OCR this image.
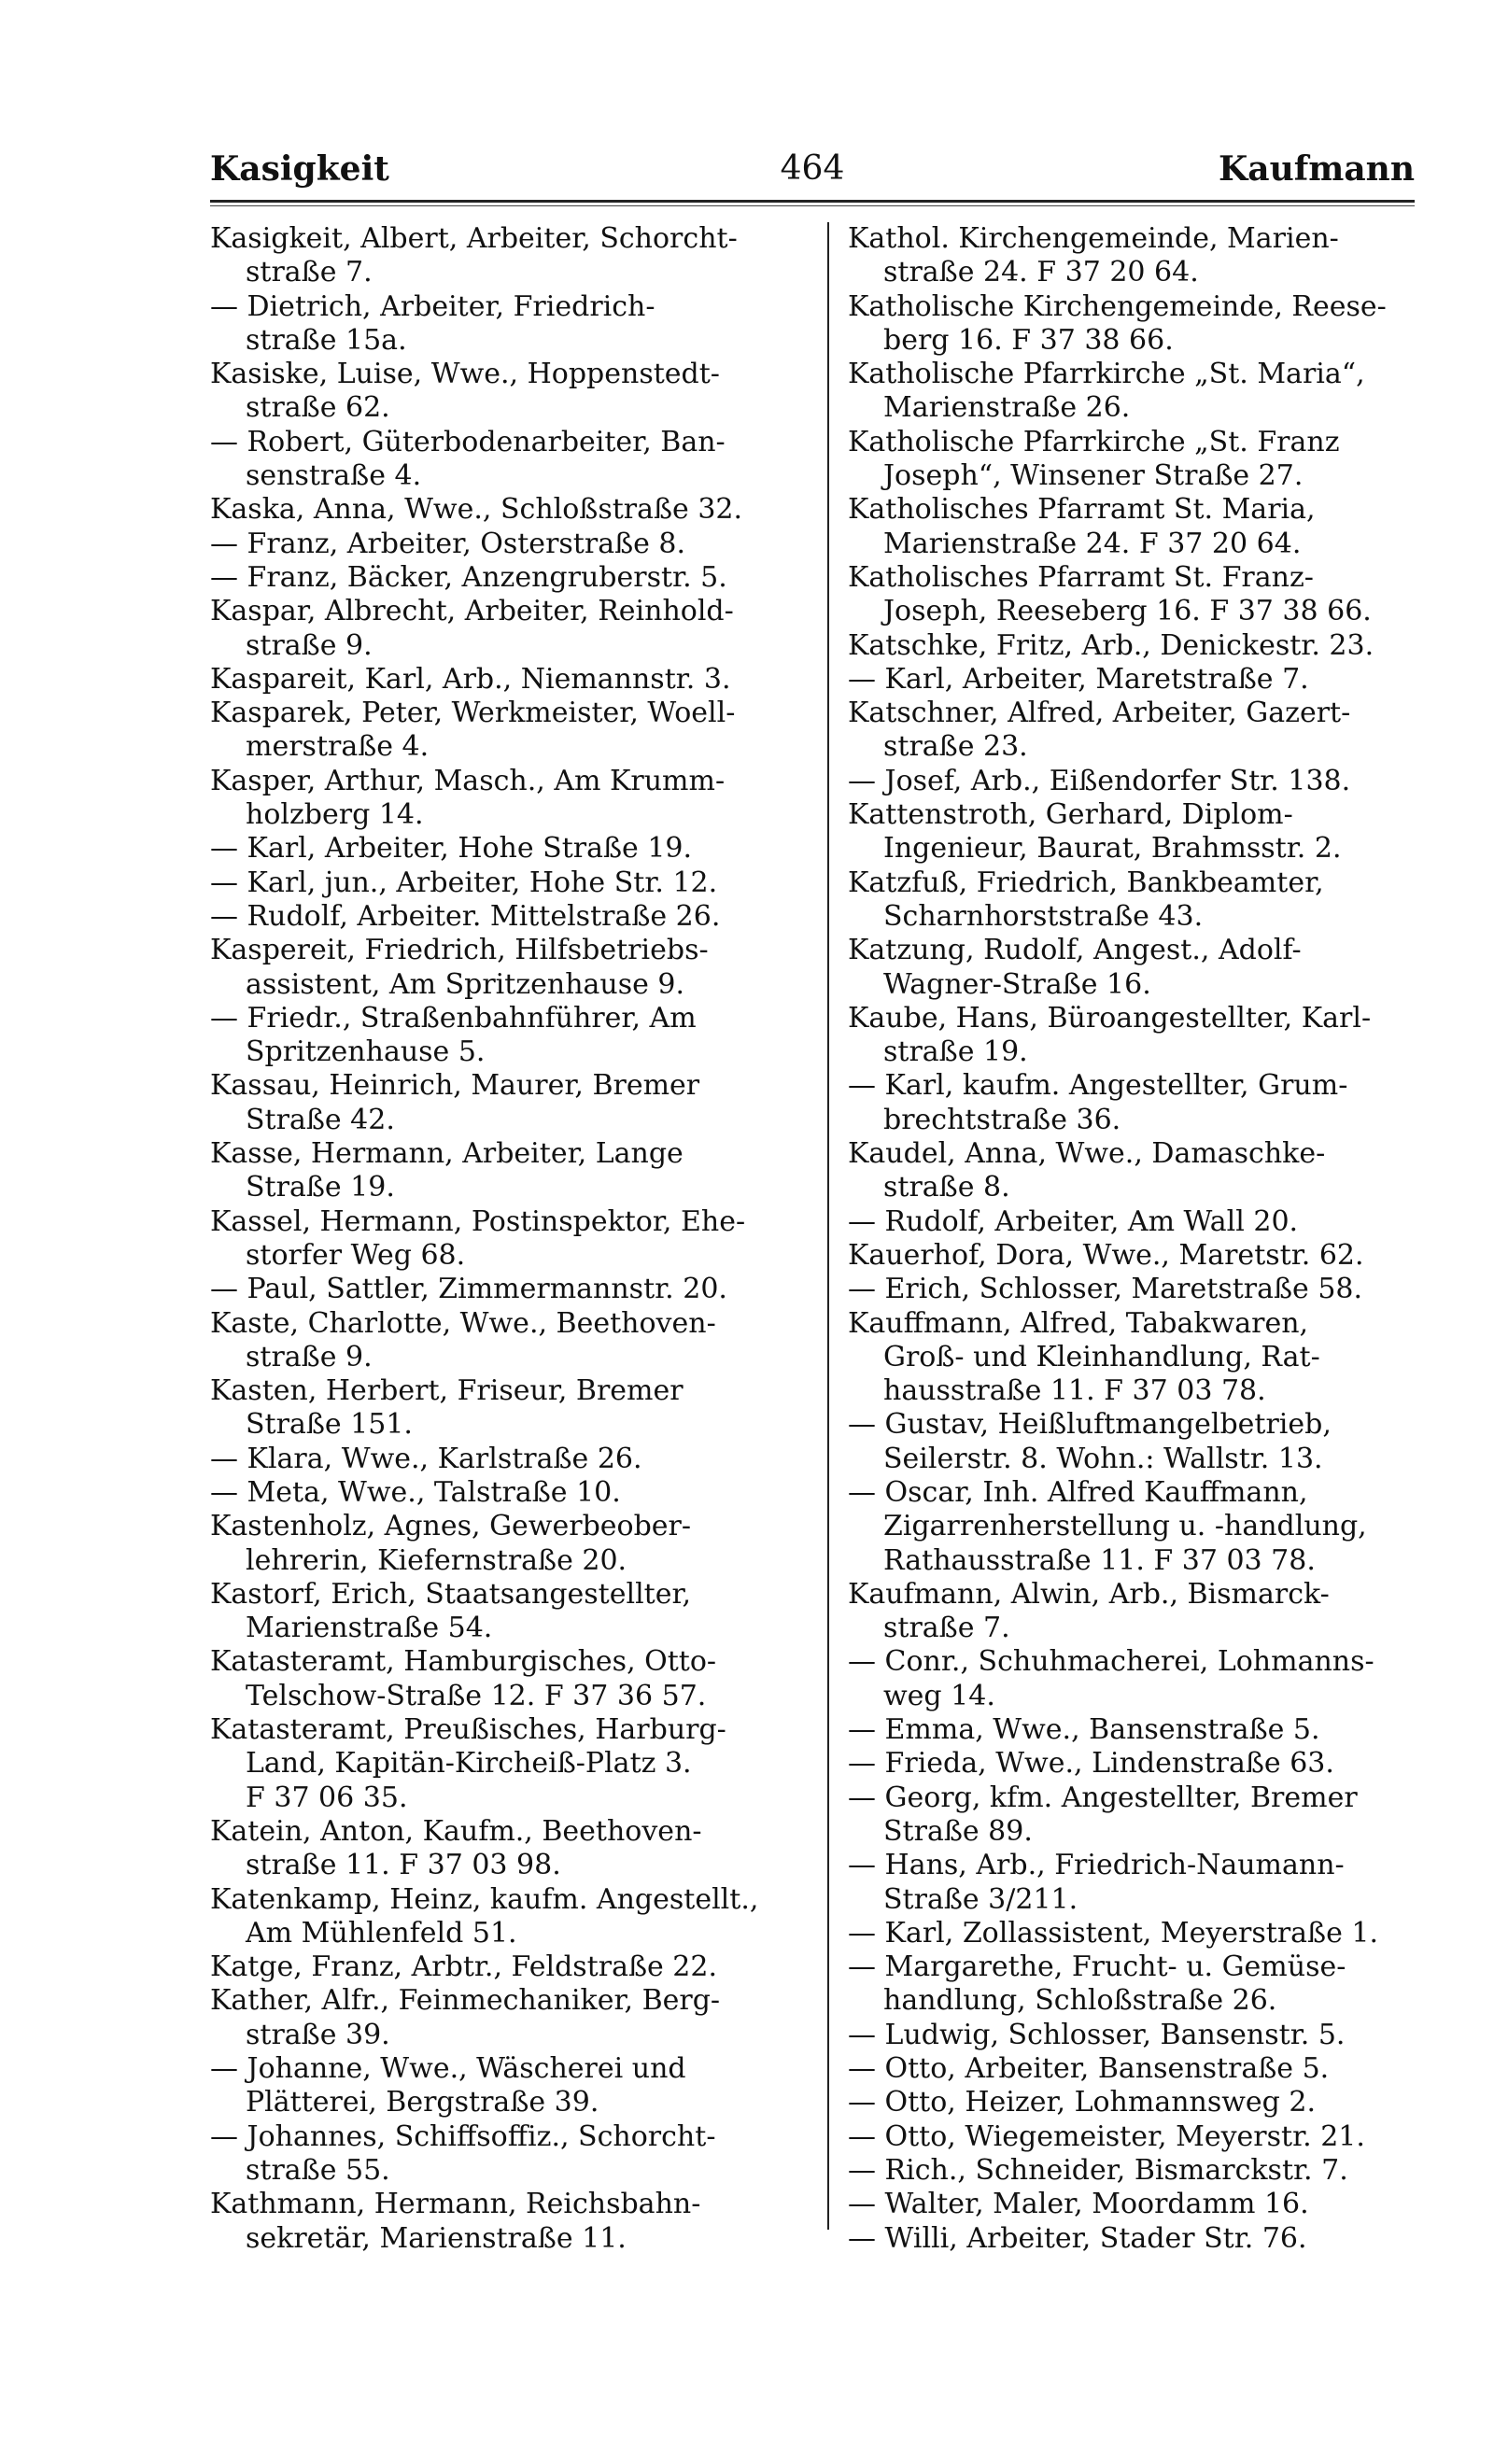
Kasigkeit	464	Kaufmann
Kasigkeit, Albert, Arbeiter, Schorcht-
straße 7.
— Dietrich, Arbeiter, Friedrich-
straße 15a.
Kasiske, Luise, Wwe., Hoppenstedt-
straße 62.
— Robert, Güterbodenarbeiter, Ban-
senstraße 4.
Kaska, Anna, Wwe., Schloßstraße 32.
— Franz, Arbeiter, Osterstraße 8.
— Franz, Bäcker, Anzengruberstr. 5.
Kaspar, Albrecht, Arbeiter, Reinhold-
straße 9.
Kaspareit, Karl, Arb., Niemannstr. 3.
Kasparek, Peter, Werkmeister, Woell-
merstraße 4.
Kasper, Arthur, Masch., Am Krumm-
holzberg 14.
— Karl, Arbeiter, Hohe Straße 19.
— Karl, jun., Arbeiter, Hohe Str. 12.
— Rudolf, Arbeiter. Mittelstraße 26.
Kaspereit, Friedrich, Hilfsbetriebs-
assistent, Am Spritzenhause 9.
— Friedr., Straßenbahnführer, Am
Spritzenhause 5.
Kassau, Heinrich, Maurer, Bremer
Straße 42.
Kasse, Hermann, Arbeiter, Lange
Straße 19.
Kassel, Hermann, Postinspektor, Ehe-
storfer Weg 68.
— Paul, Sattler, Zimmermannstr. 20.
Kaste, Charlotte, Wwe., Beethoven-
straße 9.
Kasten, Herbert, Friseur, Bremer
Straße 151.
— Klara, Wwe., Karlstraße 26.
— Meta, Wwe., Talstraße 10.
Kastenholz, Agnes, Gewerbeober-
lehrerin, Kiefernstraße 20.
Kastorf, Erich, Staatsangestellter,
Marienstraße 54.
Katasteramt, Hamburgisches, Otto-
Telschow-Straße 12. F 37 36 57.
Katasteramt, Preußisches, Harburg-
Land, Kapitän-Kircheiß-Platz 3.
F 37 06 35.
Katein, Anton, Kaufm., Beethoven-
straße 11. F 37 03 98.
Katenkamp, Heinz, kaufm. Angestellt.,
Am Mühlenfeld 51.
Katge, Franz, Arbtr., Feldstraße 22.
Kather, Alfr., Feinmechaniker, Berg-
straße 39.
— Johanne, Wwe., Wäscherei und
Plätterei, Bergstraße 39.
— Johannes, Schiffsoffiz., Schorcht-
straße 55.
Kathmann, Hermann, Reichsbahn-
sekretär, Marienstraße 11.
Kathol. Kirchengemeinde, Marien-
straße 24. F 37 20 64.
Katholische Kirchengemeinde, Reese-
berg 16. F 37 38 66.
Katholische Pfarrkirche „St. Maria“,
Marienstraße 26.
Katholische Pfarrkirche „St. Franz
Joseph“, Winsener Straße 27.
Katholisches Pfarramt St. Maria,
Marienstraße 24. F 37 20 64.
Katholisches Pfarramt St. Franz-
Joseph, Reeseberg 16. F 37 38 66.
Katschke, Fritz, Arb., Denickestr. 23.
— Karl, Arbeiter, Maretstraße 7.
Katschner, Alfred, Arbeiter, Gazert-
straße 23.
— Josef, Arb., Eißendorfer Str. 138.
Kattenstroth, Gerhard, Diplom-
Ingenieur, Baurat, Brahmsstr. 2.
Katzfuß, Friedrich, Bankbeamter,
Scharnhorststraße 43.
Katzung, Rudolf, Angest., Adolf-
Wagner-Straße 16.
Kaube, Hans, Büroangestellter, Karl-
straße 19.
— Karl, kaufm. Angestellter, Grum-
brechtstraße 36.
Kaudel, Anna, Wwe., Damaschke-
straße 8.
— Rudolf, Arbeiter, Am Wall 20.
Kauerhof, Dora, Wwe., Maretstr. 62.
— Erich, Schlosser, Maretstraße 58.
Kauffmann, Alfred, Tabakwaren,
Groß- und Kleinhandlung, Rat-
hausstraße 11. F 37 03 78.
— Gustav, Heißluftmangelbetrieb,
Seilerstr. 8. Wohn.: Wallstr. 13.
— Oscar, Inh. Alfred Kauffmann,
Zigarrenherstellung u. -handlung,
Rathausstraße 11. F 37 03 78.
Kaufmann, Alwin, Arb., Bismarck-
straße 7.
— Conr., Schuhmacherei, Lohmanns-
weg 14.
— Emma, Wwe., Bansenstraße 5.
— Frieda, Wwe., Lindenstraße 63.
— Georg, kfm. Angestellter, Bremer
Straße 89.
— Hans, Arb., Friedrich-Naumann-
Straße 3/211.
— Karl, Zollassistent, Meyerstraße 1.
— Margarethe, Frucht- u. Gemüse-
handlung, Schloßstraße 26.
— Ludwig, Schlosser, Bansenstr. 5.
— Otto, Arbeiter, Bansenstraße 5.
— Otto, Heizer, Lohmannsweg 2.
— Otto, Wiegemeister, Meyerstr. 21.
— Rich., Schneider, Bismarckstr. 7.
— Walter, Maler, Moordamm 16.
— Willi, Arbeiter, Stader Str. 76.
